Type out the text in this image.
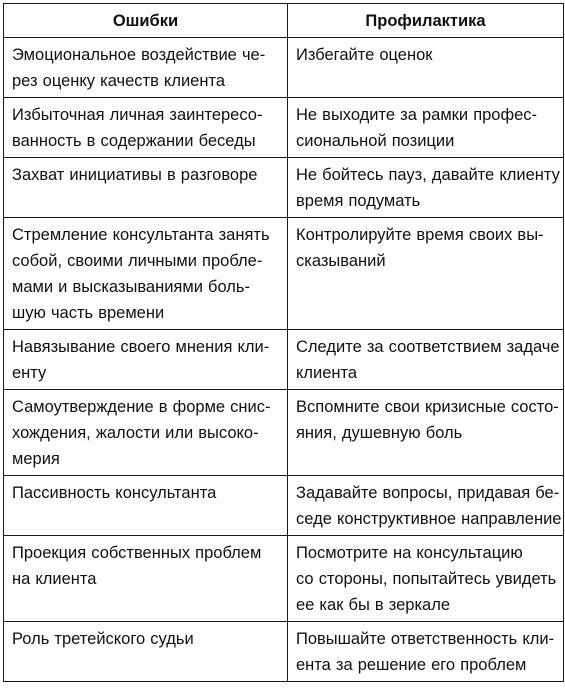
Ошибки	Профилактика

Эмоциональное воздействие че-
рез оценку качеств клиента	Избегайте оценок

Избыточная личная заинтересо-
ванность в содержании беседы	Не выходите за рамки профес-
сиональной позиции

Захват инициативы в разговоре	Не бойтесь пауз, давайте клиенту
время подумать

Стремление консультанта занять
собой, своими личными пробле-
мами и высказываниями боль-
шую часть времени	Контролируйте время своих вы-
сказываний

Навязывание своего мнения кли-
енту	Следите за соответствием задаче
клиента

Самоутверждение в форме снис-
хождения, жалости или высоко-
мерия	Вспомните свои кризисные состо-
яния, душевную боль

Пассивность консультанта	Задавайте вопросы, придавая бе-
седе конструктивное направление

Проекция собственных проблем
на клиента	Посмотрите на консультацию
со стороны, попытайтесь увидеть
ее как бы в зеркале

Роль третейского судьи	Повышайте ответственность кли-
ента за решение его проблем
